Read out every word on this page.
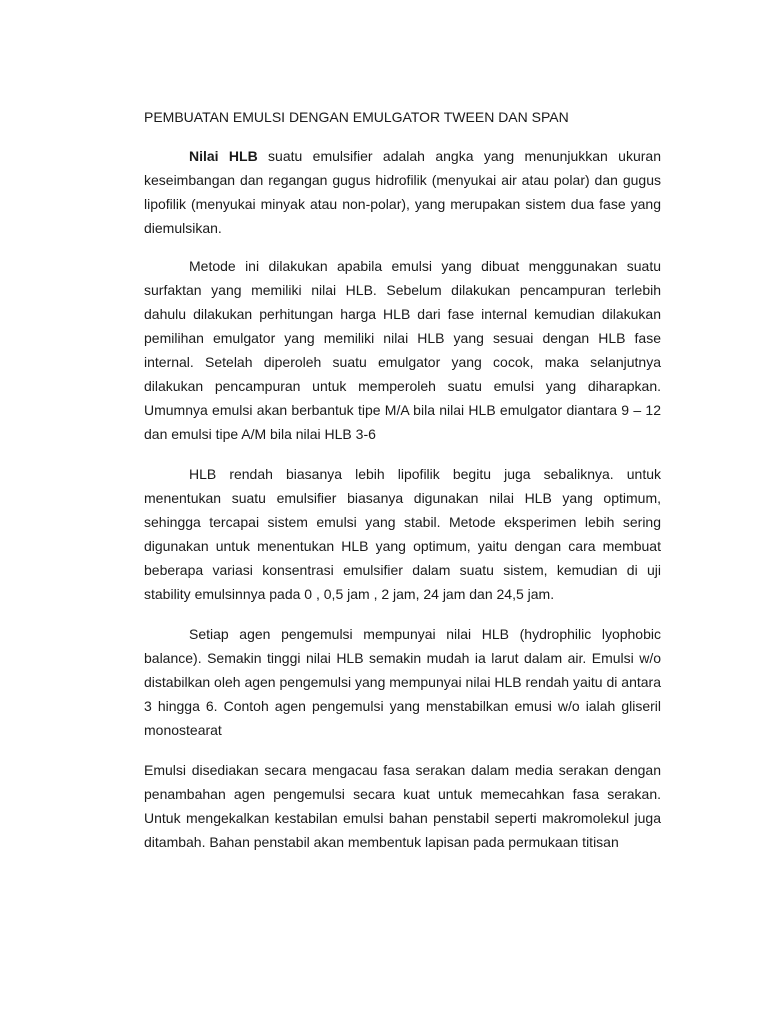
PEMBUATAN EMULSI DENGAN EMULGATOR TWEEN DAN SPAN

Nilai HLB suatu emulsifier adalah angka yang menunjukkan ukuran keseimbangan dan regangan gugus hidrofilik (menyukai air atau polar) dan gugus lipofilik (menyukai minyak atau non-polar), yang merupakan sistem dua fase yang diemulsikan.

Metode ini dilakukan apabila emulsi yang dibuat menggunakan suatu surfaktan yang memiliki nilai HLB. Sebelum dilakukan pencampuran terlebih dahulu dilakukan perhitungan harga HLB dari fase internal kemudian dilakukan pemilihan emulgator yang memiliki nilai HLB yang sesuai dengan HLB fase internal. Setelah diperoleh suatu emulgator yang cocok, maka selanjutnya dilakukan pencampuran untuk memperoleh suatu emulsi yang diharapkan. Umumnya emulsi akan berbantuk tipe M/A bila nilai HLB emulgator diantara 9 – 12 dan emulsi tipe A/M bila nilai HLB 3-6

HLB rendah biasanya lebih lipofilik begitu juga sebaliknya. untuk menentukan suatu emulsifier biasanya digunakan nilai HLB yang optimum, sehingga tercapai sistem emulsi yang stabil. Metode eksperimen lebih sering digunakan untuk menentukan HLB yang optimum, yaitu dengan cara membuat beberapa variasi konsentrasi emulsifier dalam suatu sistem, kemudian di uji stability emulsinnya pada 0 , 0,5 jam , 2 jam, 24 jam dan 24,5 jam.

Setiap agen pengemulsi mempunyai nilai HLB (hydrophilic lyophobic balance). Semakin tinggi nilai HLB semakin mudah ia larut dalam air. Emulsi w/o distabilkan oleh agen pengemulsi yang mempunyai nilai HLB rendah yaitu di antara 3 hingga 6. Contoh agen pengemulsi yang menstabilkan emusi w/o ialah gliseril monostearat

Emulsi disediakan secara mengacau fasa serakan dalam media serakan dengan penambahan agen pengemulsi secara kuat untuk memecahkan fasa serakan. Untuk mengekalkan kestabilan emulsi bahan penstabil seperti makromolekul juga ditambah. Bahan penstabil akan membentuk lapisan pada permukaan titisan
